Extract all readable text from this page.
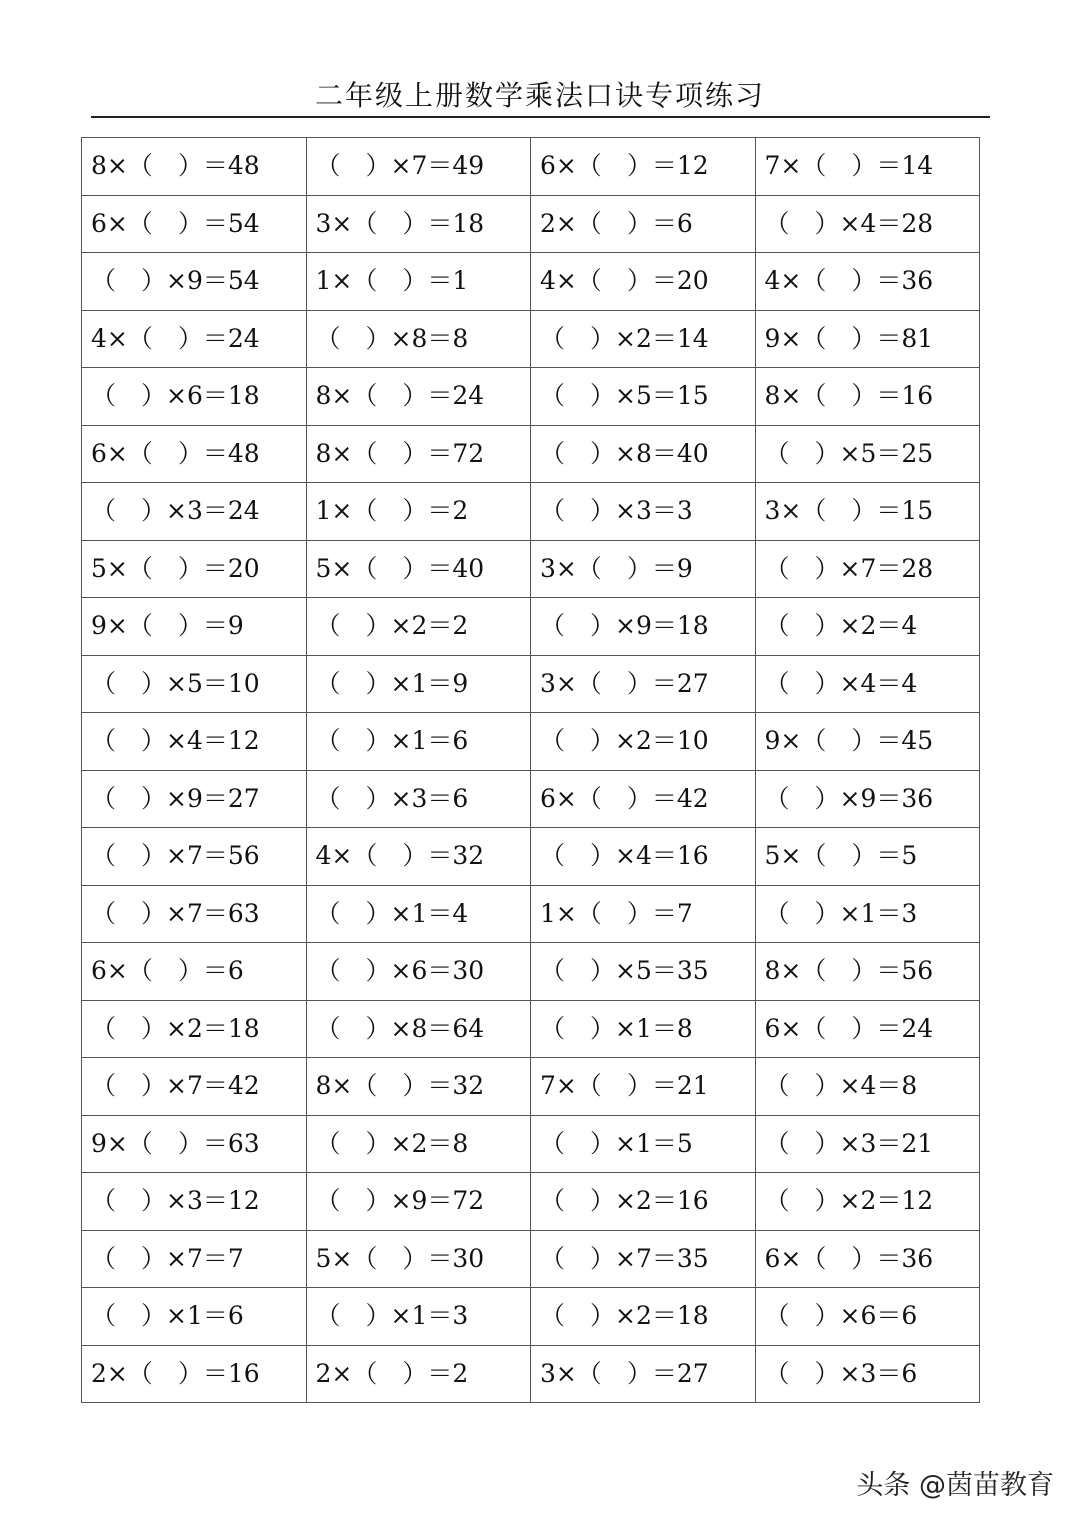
二年级上册数学乘法口诀专项练习
8×（　）＝48	（　）×7＝49	6×（　）＝12	7×（　）＝14
6×（　）＝54	3×（　）＝18	2×（　）＝6	（　）×4＝28
（　）×9＝54	1×（　）＝1	4×（　）＝20	4×（　）＝36
4×（　）＝24	（　）×8＝8	（　）×2＝14	9×（　）＝81
（　）×6＝18	8×（　）＝24	（　）×5＝15	8×（　）＝16
6×（　）＝48	8×（　）＝72	（　）×8＝40	（　）×5＝25
（　）×3＝24	1×（　）＝2	（　）×3＝3	3×（　）＝15
5×（　）＝20	5×（　）＝40	3×（　）＝9	（　）×7＝28
9×（　）＝9	（　）×2＝2	（　）×9＝18	（　）×2＝4
（　）×5＝10	（　）×1＝9	3×（　）＝27	（　）×4＝4
（　）×4＝12	（　）×1＝6	（　）×2＝10	9×（　）＝45
（　）×9＝27	（　）×3＝6	6×（　）＝42	（　）×9＝36
（　）×7＝56	4×（　）＝32	（　）×4＝16	5×（　）＝5
（　）×7＝63	（　）×1＝4	1×（　）＝7	（　）×1＝3
6×（　）＝6	（　）×6＝30	（　）×5＝35	8×（　）＝56
（　）×2＝18	（　）×8＝64	（　）×1＝8	6×（　）＝24
（　）×7＝42	8×（　）＝32	7×（　）＝21	（　）×4＝8
9×（　）＝63	（　）×2＝8	（　）×1＝5	（　）×3＝21
（　）×3＝12	（　）×9＝72	（　）×2＝16	（　）×2＝12
（　）×7＝7	5×（　）＝30	（　）×7＝35	6×（　）＝36
（　）×1＝6	（　）×1＝3	（　）×2＝18	（　）×6＝6
2×（　）＝16	2×（　）＝2	3×（　）＝27	（　）×3＝6
头条 @茵苗教育
